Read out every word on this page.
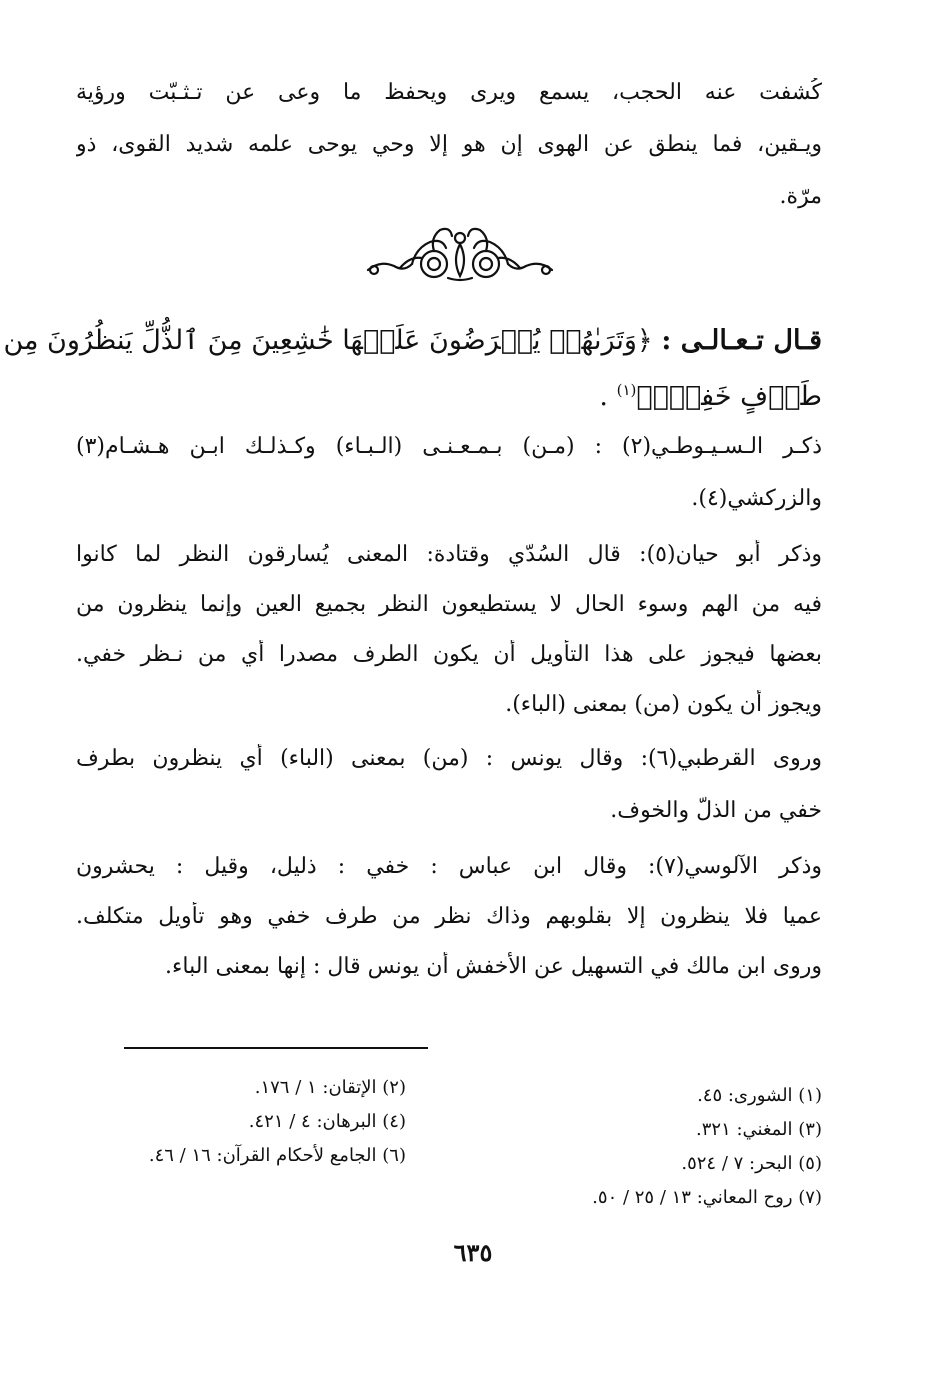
كُشفت عنه الحجب، يسمع ويرى ويحفظ ما وعى عن تـثـبّت ورؤية
ويـقين، فما ينطق عن الهوى إن هو إلا وحي يوحى علمه شديد القوى، ذو
مرّة.
قـال تـعـالـى : ﴿وَتَرَىٰهُمۡ يُعۡرَضُونَ عَلَيۡهَا خَٰشِعِينَ مِنَ ٱلذُّلِّ يَنظُرُونَ مِن
طَرۡفٍ خَفِيّٖ﴾$^{(١)}$ .
ذكـر الـسـيـوطـي(٢) : (مـن) بـمـعـنـى (الـبـاء) وكـذلـك ابـن هـشـام(٣)
والزركشي(٤).
وذكر أبو حيان(٥): قال السُدّي وقتادة: المعنى يُسارقون النظر لما كانوا
فيه من الهم وسوء الحال لا يستطيعون النظر بجميع العين وإنما ينظرون من
بعضها فيجوز على هذا التأويل أن يكون الطرف مصدرا أي من نـظر خفي.
ويجوز أن يكون (من) بمعنى (الباء).
وروى القرطبي(٦): وقال يونس : (من) بمعنى (الباء) أي ينظرون بطرف
خفي من الذلّ والخوف.
وذكر الآلوسي(٧): وقال ابن عباس : خفي : ذليل، وقيل : يحشرون
عميا فلا ينظرون إلا بقلوبهم وذاك نظر من طرف خفي وهو تأويل متكلف.
وروى ابن مالك في التسهيل عن الأخفش أن يونس قال : إنها بمعنى الباء.
(١) الشورى: ٤٥.
(٣) المغني: ٣٢١.
(٥) البحر: ٧ / ٥٢٤.
(٧) روح المعاني: ١٣ / ٢٥ / ٥٠.
(٢) الإتقان: ١ / ١٧٦.
(٤) البرهان: ٤ / ٤٢١.
(٦) الجامع لأحكام القرآن: ١٦ / ٤٦.
٦٣٥
